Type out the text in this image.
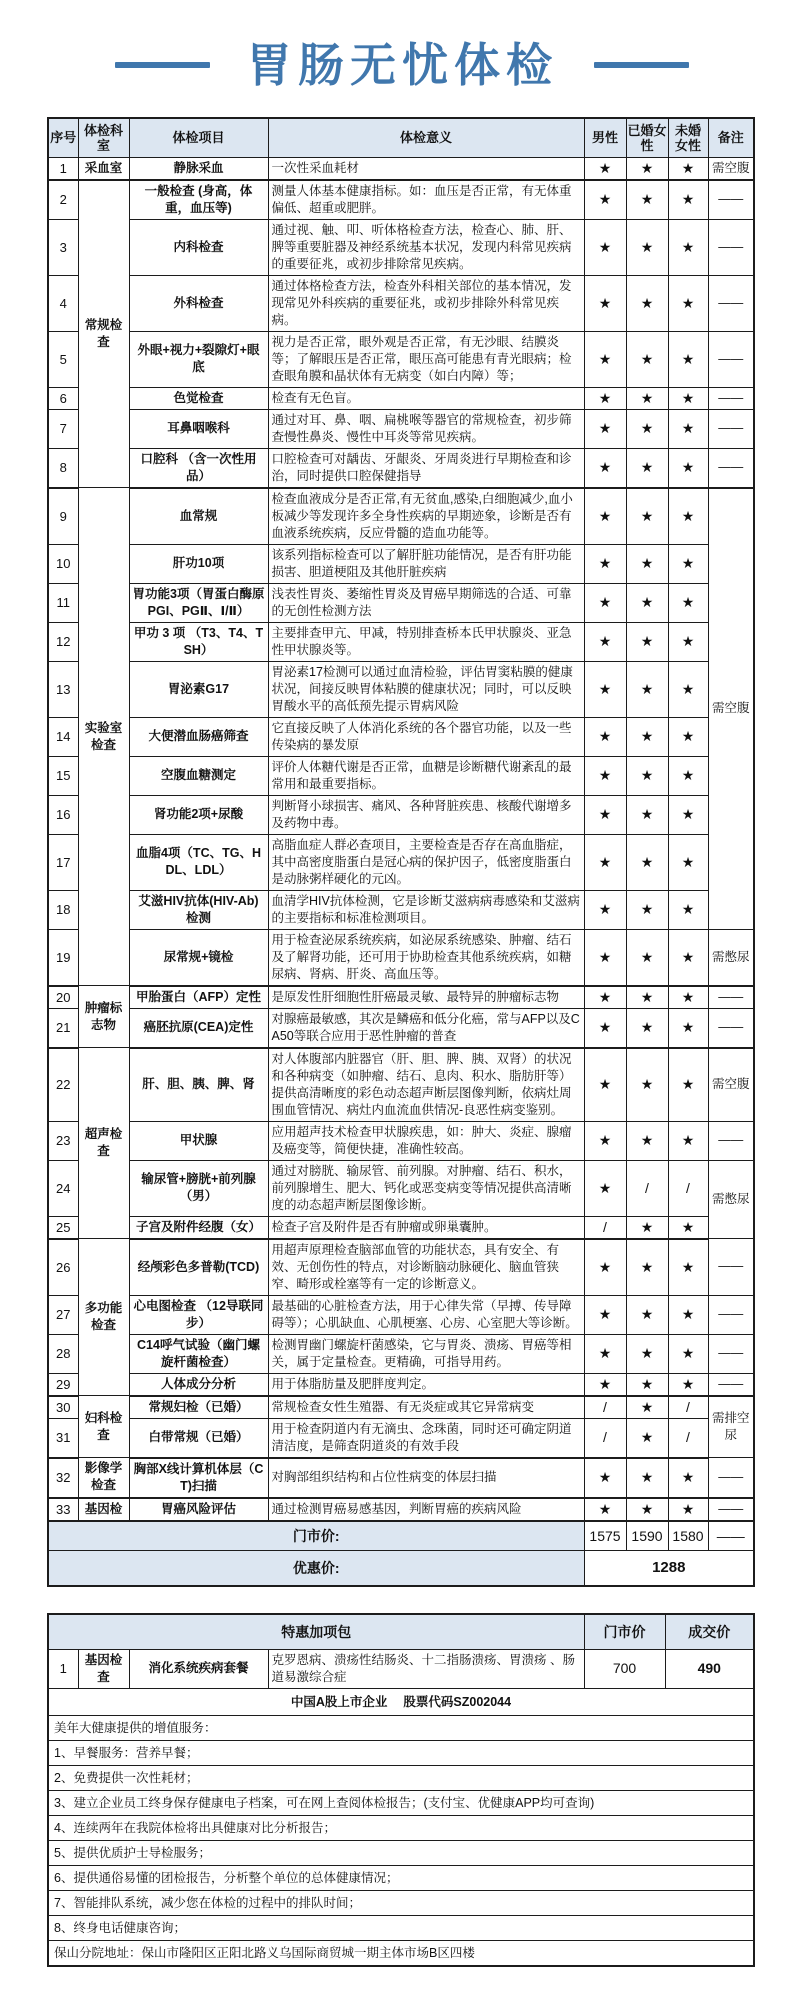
胃肠无忧体检
序号	体检科室	体检项目	体检意义	男性	已婚女性	未婚女性	备注
1	采血室	静脉采血	一次性采血耗材	★	★	★	需空腹
2	常规检查	一般检查 (身高，体重，血压等)	测量人体基本健康指标。如：血压是否正常，有无体重偏低、超重或肥胖。	★	★	★	——
3		内科检查	通过视、触、叩、听体格检查方法，检查心、肺、肝、脾等重要脏器及神经系统基本状况，发现内科常见疾病的重要征兆，或初步排除常见疾病。	★	★	★	——
4		外科检查	通过体格检查方法，检查外科相关部位的基本情况，发现常见外科疾病的重要征兆，或初步排除外科常见疾病。	★	★	★	——
5		外眼+视力+裂隙灯+眼底	视力是否正常，眼外观是否正常，有无沙眼、结膜炎等；了解眼压是否正常，眼压高可能患有青光眼病；检查眼角膜和晶状体有无病变（如白内障）等；	★	★	★	——
6		色觉检查	检查有无色盲。	★	★	★	——
7		耳鼻咽喉科	通过对耳、鼻、咽、扁桃喉等器官的常规检查，初步筛查慢性鼻炎、慢性中耳炎等常见疾病。	★	★	★	——
8		口腔科 （含一次性用品）	口腔检查可对龋齿、牙龈炎、牙周炎进行早期检查和诊治，同时提供口腔保健指导	★	★	★	——
9	实验室检查	血常规	检查血液成分是否正常,有无贫血,感染,白细胞减少,血小板减少等发现许多全身性疾病的早期迹象，诊断是否有血液系统疾病，反应骨髓的造血功能等。	★	★	★	需空腹
10		肝功10项	该系列指标检查可以了解肝脏功能情况，是否有肝功能损害、胆道梗阻及其他肝脏疾病	★	★	★	
11		胃功能3项（胃蛋白酶原PGI、PGⅡ、Ⅰ/Ⅱ）	浅表性胃炎、萎缩性胃炎及胃癌早期筛选的合适、可靠的无创性检测方法	★	★	★	
12		甲功 3 项 （T3、T4、TSH）	主要排查甲亢、甲减，特别排查桥本氏甲状腺炎、亚急性甲状腺炎等。	★	★	★	
13		胃泌素G17	胃泌素17检测可以通过血清检验，评估胃窦粘膜的健康状况，间接反映胃体粘膜的健康状况；同时，可以反映胃酸水平的高低预先提示胃病风险	★	★	★	
14		大便潜血肠癌筛查	它直接反映了人体消化系统的各个器官功能，以及一些传染病的暴发原	★	★	★	
15		空腹血糖测定	评价人体糖代谢是否正常，血糖是诊断糖代谢紊乱的最常用和最重要指标。	★	★	★	
16		肾功能2项+尿酸	判断肾小球损害、痛风、各种肾脏疾患、核酸代谢增多及药物中毒。	★	★	★	
17		血脂4项（TC、TG、HDL、LDL）	高脂血症人群必查项目，主要检查是否存在高血脂症，其中高密度脂蛋白是冠心病的保护因子，低密度脂蛋白是动脉粥样硬化的元凶。	★	★	★	
18		艾滋HIV抗体(HIV-Ab)检测	血清学HIV抗体检测，它是诊断艾滋病病毒感染和艾滋病的主要指标和标准检测项目。	★	★	★	
19		尿常规+镜检	用于检查泌尿系统疾病，如泌尿系统感染、肿瘤、结石及了解肾功能，还可用于协助检查其他系统疾病，如糖尿病、肾病、肝炎、高血压等。	★	★	★	需憋尿
20	肿瘤标志物	甲胎蛋白（AFP）定性	是原发性肝细胞性肝癌最灵敏、最特异的肿瘤标志物	★	★	★	——
21		癌胚抗原(CEA)定性	对腺癌最敏感，其次是鳞癌和低分化癌，常与AFP以及CA50等联合应用于恶性肿瘤的普查	★	★	★	——
22	超声检查	肝、胆、胰、脾、肾	对人体腹部内脏器官（肝、胆、脾、胰、双肾）的状况和各种病变（如肿瘤、结石、息肉、积水、脂肪肝等）提供高清晰度的彩色动态超声断层图像判断，依病灶周围血管情况、病灶内血流血供情况-良恶性病变鉴别。	★	★	★	需空腹
23		甲状腺	应用超声技术检查甲状腺疾患，如：肿大、炎症、腺瘤及癌变等，简便快捷，准确性较高。	★	★	★	——
24		输尿管+膀胱+前列腺（男）	通过对膀胱、输尿管、前列腺。对肿瘤、结石、积水，前列腺增生、肥大、钙化或恶变病变等情况提供高清晰度的动态超声断层图像诊断。	★	/	/	需憋尿
25		子宫及附件经腹（女）	检查子宫及附件是否有肿瘤或卵巢囊肿。	/	★	★	
26	多功能检查	经颅彩色多普勒(TCD)	用超声原理检查脑部血管的功能状态，具有安全、有效、无创伤性的特点，对诊断脑动脉硬化、脑血管狭窄、畸形或栓塞等有一定的诊断意义。	★	★	★	——
27		心电图检查 （12导联同步）	最基础的心脏检查方法，用于心律失常（早搏、传导障碍等）；心肌缺血、心肌梗塞、心房、心室肥大等诊断。	★	★	★	——
28		C14呼气试验（幽门螺旋杆菌检查）	检测胃幽门螺旋杆菌感染，它与胃炎、溃疡、胃癌等相关，属于定量检查。更精确，可指导用药。	★	★	★	——
29		人体成分分析	用于体脂肪量及肥胖度判定。	★	★	★	——
30	妇科检查	常规妇检（已婚）	常规检查女性生殖器、有无炎症或其它异常病变	/	★	/	需排空尿
31		白带常规（已婚）	用于检查阴道内有无滴虫、念珠菌，同时还可确定阴道清洁度，是筛查阴道炎的有效手段	/	★	/	
32	影像学检查	胸部X线计算机体层（CT)扫描	对胸部组织结构和占位性病变的体层扫描	★	★	★	——
33	基因检	胃癌风险评估	通过检测胃癌易感基因，判断胃癌的疾病风险	★	★	★	——
门市价:				1575	1590	1580	——
优惠价:				1288			
特惠加项包				门市价	成交价
1	基因检查	消化系统疾病套餐	克罗恩病、溃疡性结肠炎、十二指肠溃疡、胃溃疡 、肠道易激综合症	700	490
中国A股上市企业　 股票代码SZ002044					
美年大健康提供的增值服务：					
1、早餐服务：营养早餐；					
2、免费提供一次性耗材；					
3、建立企业员工终身保存健康电子档案，可在网上查阅体检报告；(支付宝、优健康APP均可查询)					
4、连续两年在我院体检将出具健康对比分析报告；					
5、提供优质护士导检服务；					
6、提供通俗易懂的团检报告，分析整个单位的总体健康情况；					
7、智能排队系统，减少您在体检的过程中的排队时间；					
8、终身电话健康咨询；					
保山分院地址：保山市隆阳区正阳北路义乌国际商贸城一期主体市场B区四楼					
